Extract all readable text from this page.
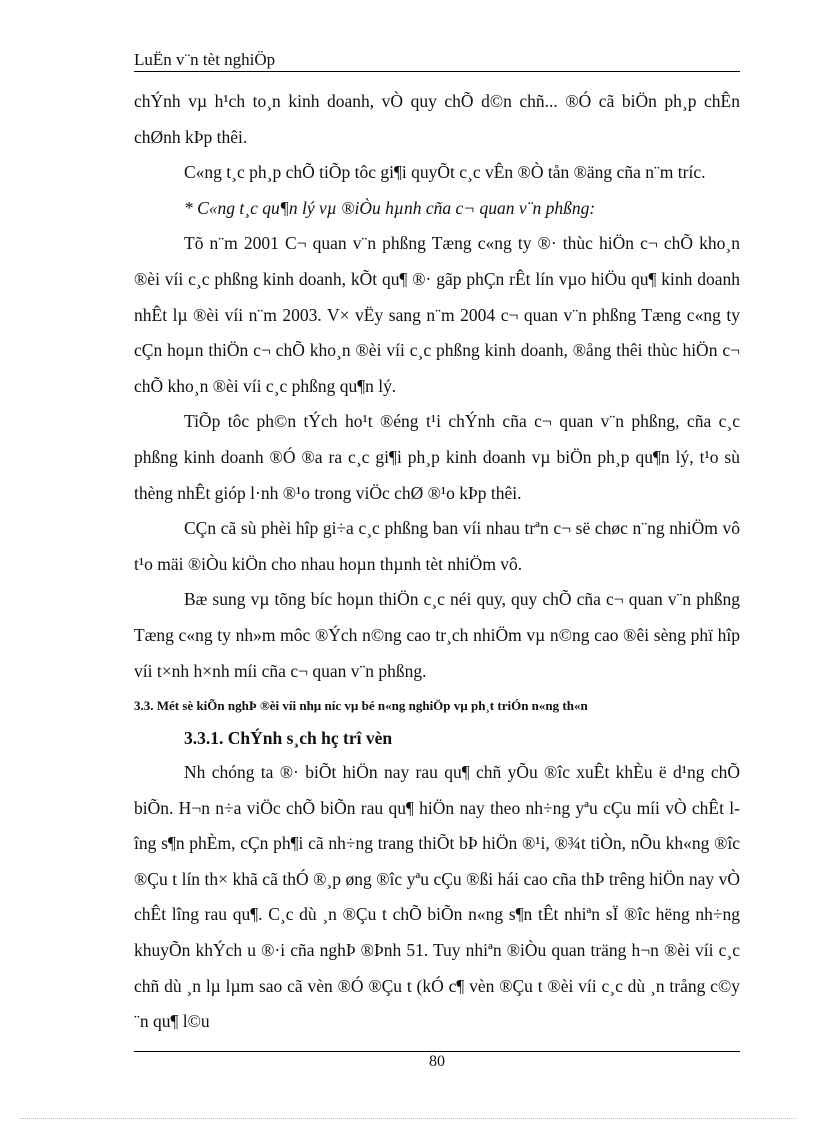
LuËn v¨n tèt nghiÖp

chÝnh vµ h¹ch to¸n kinh doanh, vÒ quy chÕ d©n chñ... ®Ó cã biÖn ph¸p chÊn chØnh kÞp thêi.

C«ng t¸c ph¸p chÕ tiÕp tôc gi¶i quyÕt c¸c vÊn ®Ò tån ®äng cña n¨m tríc.

* C«ng t¸c qu¶n lý vµ ®iÒu hµnh cña c¬ quan v¨n phßng:

Tõ n¨m 2001 C¬ quan v¨n phßng Tæng c«ng ty ®· thùc hiÖn c¬ chÕ kho¸n ®èi víi c¸c phßng kinh doanh, kÕt qu¶ ®· gãp phÇn rÊt lín vµo hiÖu qu¶ kinh doanh nhÊt lµ ®èi víi n¨m 2003. V× vËy sang n¨m 2004 c¬ quan v¨n phßng Tæng c«ng ty cÇn hoµn thiÖn c¬ chÕ kho¸n ®èi víi c¸c phßng kinh doanh, ®ång thêi thùc hiÖn c¬ chÕ kho¸n ®èi víi c¸c phßng qu¶n lý.

TiÕp tôc ph©n tÝch ho¹t ®éng t¹i chÝnh cña c¬ quan v¨n phßng, cña c¸c phßng kinh doanh ®Ó ®a ra c¸c gi¶i ph¸p kinh doanh vµ biÖn ph¸p qu¶n lý, t¹o sù thèng nhÊt gióp l·nh ®¹o trong viÖc chØ ®¹o kÞp thêi.

CÇn cã sù phèi hîp gi÷a c¸c phßng ban víi nhau trªn c¬ së chøc n¨ng nhiÖm vô t¹o mäi ®iÒu kiÖn cho nhau hoµn thµnh tèt nhiÖm vô.

Bæ sung vµ tõng bíc hoµn thiÖn c¸c néi quy, quy chÕ cña c¬ quan v¨n phßng Tæng c«ng ty nh»m môc ®Ých n©ng cao tr¸ch nhiÖm vµ n©ng cao ®êi sèng phï hîp víi t×nh h×nh míi cña c¬ quan v¨n phßng.

3.3. Mét sè kiÕn nghÞ ®èi víi nhµ níc vµ bé n«ng nghiÖp vµ ph¸t triÓn n«ng th«n
3.3.1. ChÝnh s¸ch hç trî vèn

Nh chóng ta ®· biÕt hiÖn nay rau qu¶ chñ yÕu ®îc xuÊt khÈu ë d¹ng chÕ biÕn. H¬n n÷a viÖc chÕ biÕn rau qu¶ hiÖn nay theo nh÷ng yªu cÇu míi vÒ chÊt lîng s¶n phÈm, cÇn ph¶i cã nh÷ng trang thiÕt bÞ hiÖn ®¹i, ®¾t tiÒn, nÕu kh«ng ®îc ®Çu t lín th× khã cã thÓ ®¸p øng ®îc yªu cÇu ®ßi hái cao cña thÞ trêng hiÖn nay vÒ chÊt lîng rau qu¶. C¸c dù ¸n ®Çu t chÕ biÕn n«ng s¶n tÊt nhiªn sÏ ®îc hëng nh÷ng khuyÕn khÝch u ®·i cña nghÞ ®Þnh 51. Tuy nhiªn ®iÒu quan träng h¬n ®èi víi c¸c chñ dù ¸n lµ lµm sao cã vèn ®Ó ®Çu t (kÓ c¶ vèn ®Çu t ®èi víi c¸c dù ¸n trång c©y ¨n qu¶ l©u

80
